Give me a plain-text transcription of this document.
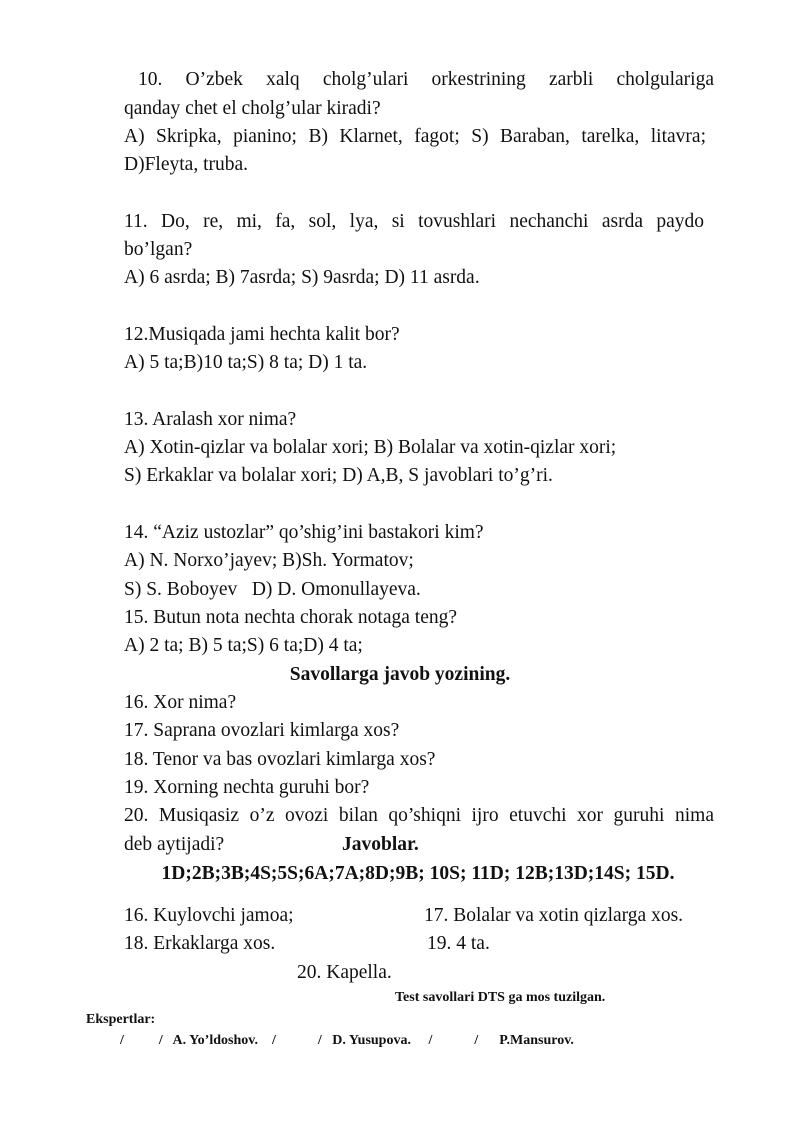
10. O’zbek xalq cholg’ulari orkestrining zarbli cholgulariga
qanday chet el cholg’ular kiradi?
A) Skripka, pianino; B) Klarnet, fagot; S) Baraban, tarelka, litavra;
D)Fleyta, truba.
11. Do, re, mi, fa, sol, lya, si tovushlari nechanchi asrda paydo
bo’lgan?
A) 6 asrda; B) 7asrda; S) 9asrda; D) 11 asrda.
12.Musiqada jami hechta kalit bor?
A) 5 ta;B)10 ta;S) 8 ta; D) 1 ta.
13. Aralash xor nima?
A) Xotin-qizlar va bolalar xori; B) Bolalar va xotin-qizlar xori;
S) Erkaklar va bolalar xori; D) A,B, S javoblari to’g’ri.
14. “Aziz ustozlar” qo’shig’ini bastakori kim?
A) N. Norxo’jayev; B)Sh. Yormatov;
S) S. Boboyev   D) D. Omonullayeva.
15. Butun nota nechta chorak notaga teng?
A) 2 ta; B) 5 ta;S) 6 ta;D) 4 ta;
Savollarga javob yozining.
16. Xor nima?
17. Saprana ovozlari kimlarga xos?
18. Tenor va bas ovozlari kimlarga xos?
19. Xorning nechta guruhi bor?
20. Musiqasiz o’z ovozi bilan qo’shiqni ijro etuvchi xor guruhi nima
deb aytijadi?	Javoblar.
1D;2B;3B;4S;5S;6A;7A;8D;9B; 10S; 11D; 12B;13D;14S; 15D.
16. Kuylovchi jamoa;	17. Bolalar va xotin qizlarga xos.
18. Erkaklarga xos.	19. 4 ta.
20. Kapella.
Test savollari DTS ga mos tuzilgan.
Ekspertlar:
/          /   A. Yo’ldoshov.    /            /   D. Yusupova.     /            /      P.Mansurov.
